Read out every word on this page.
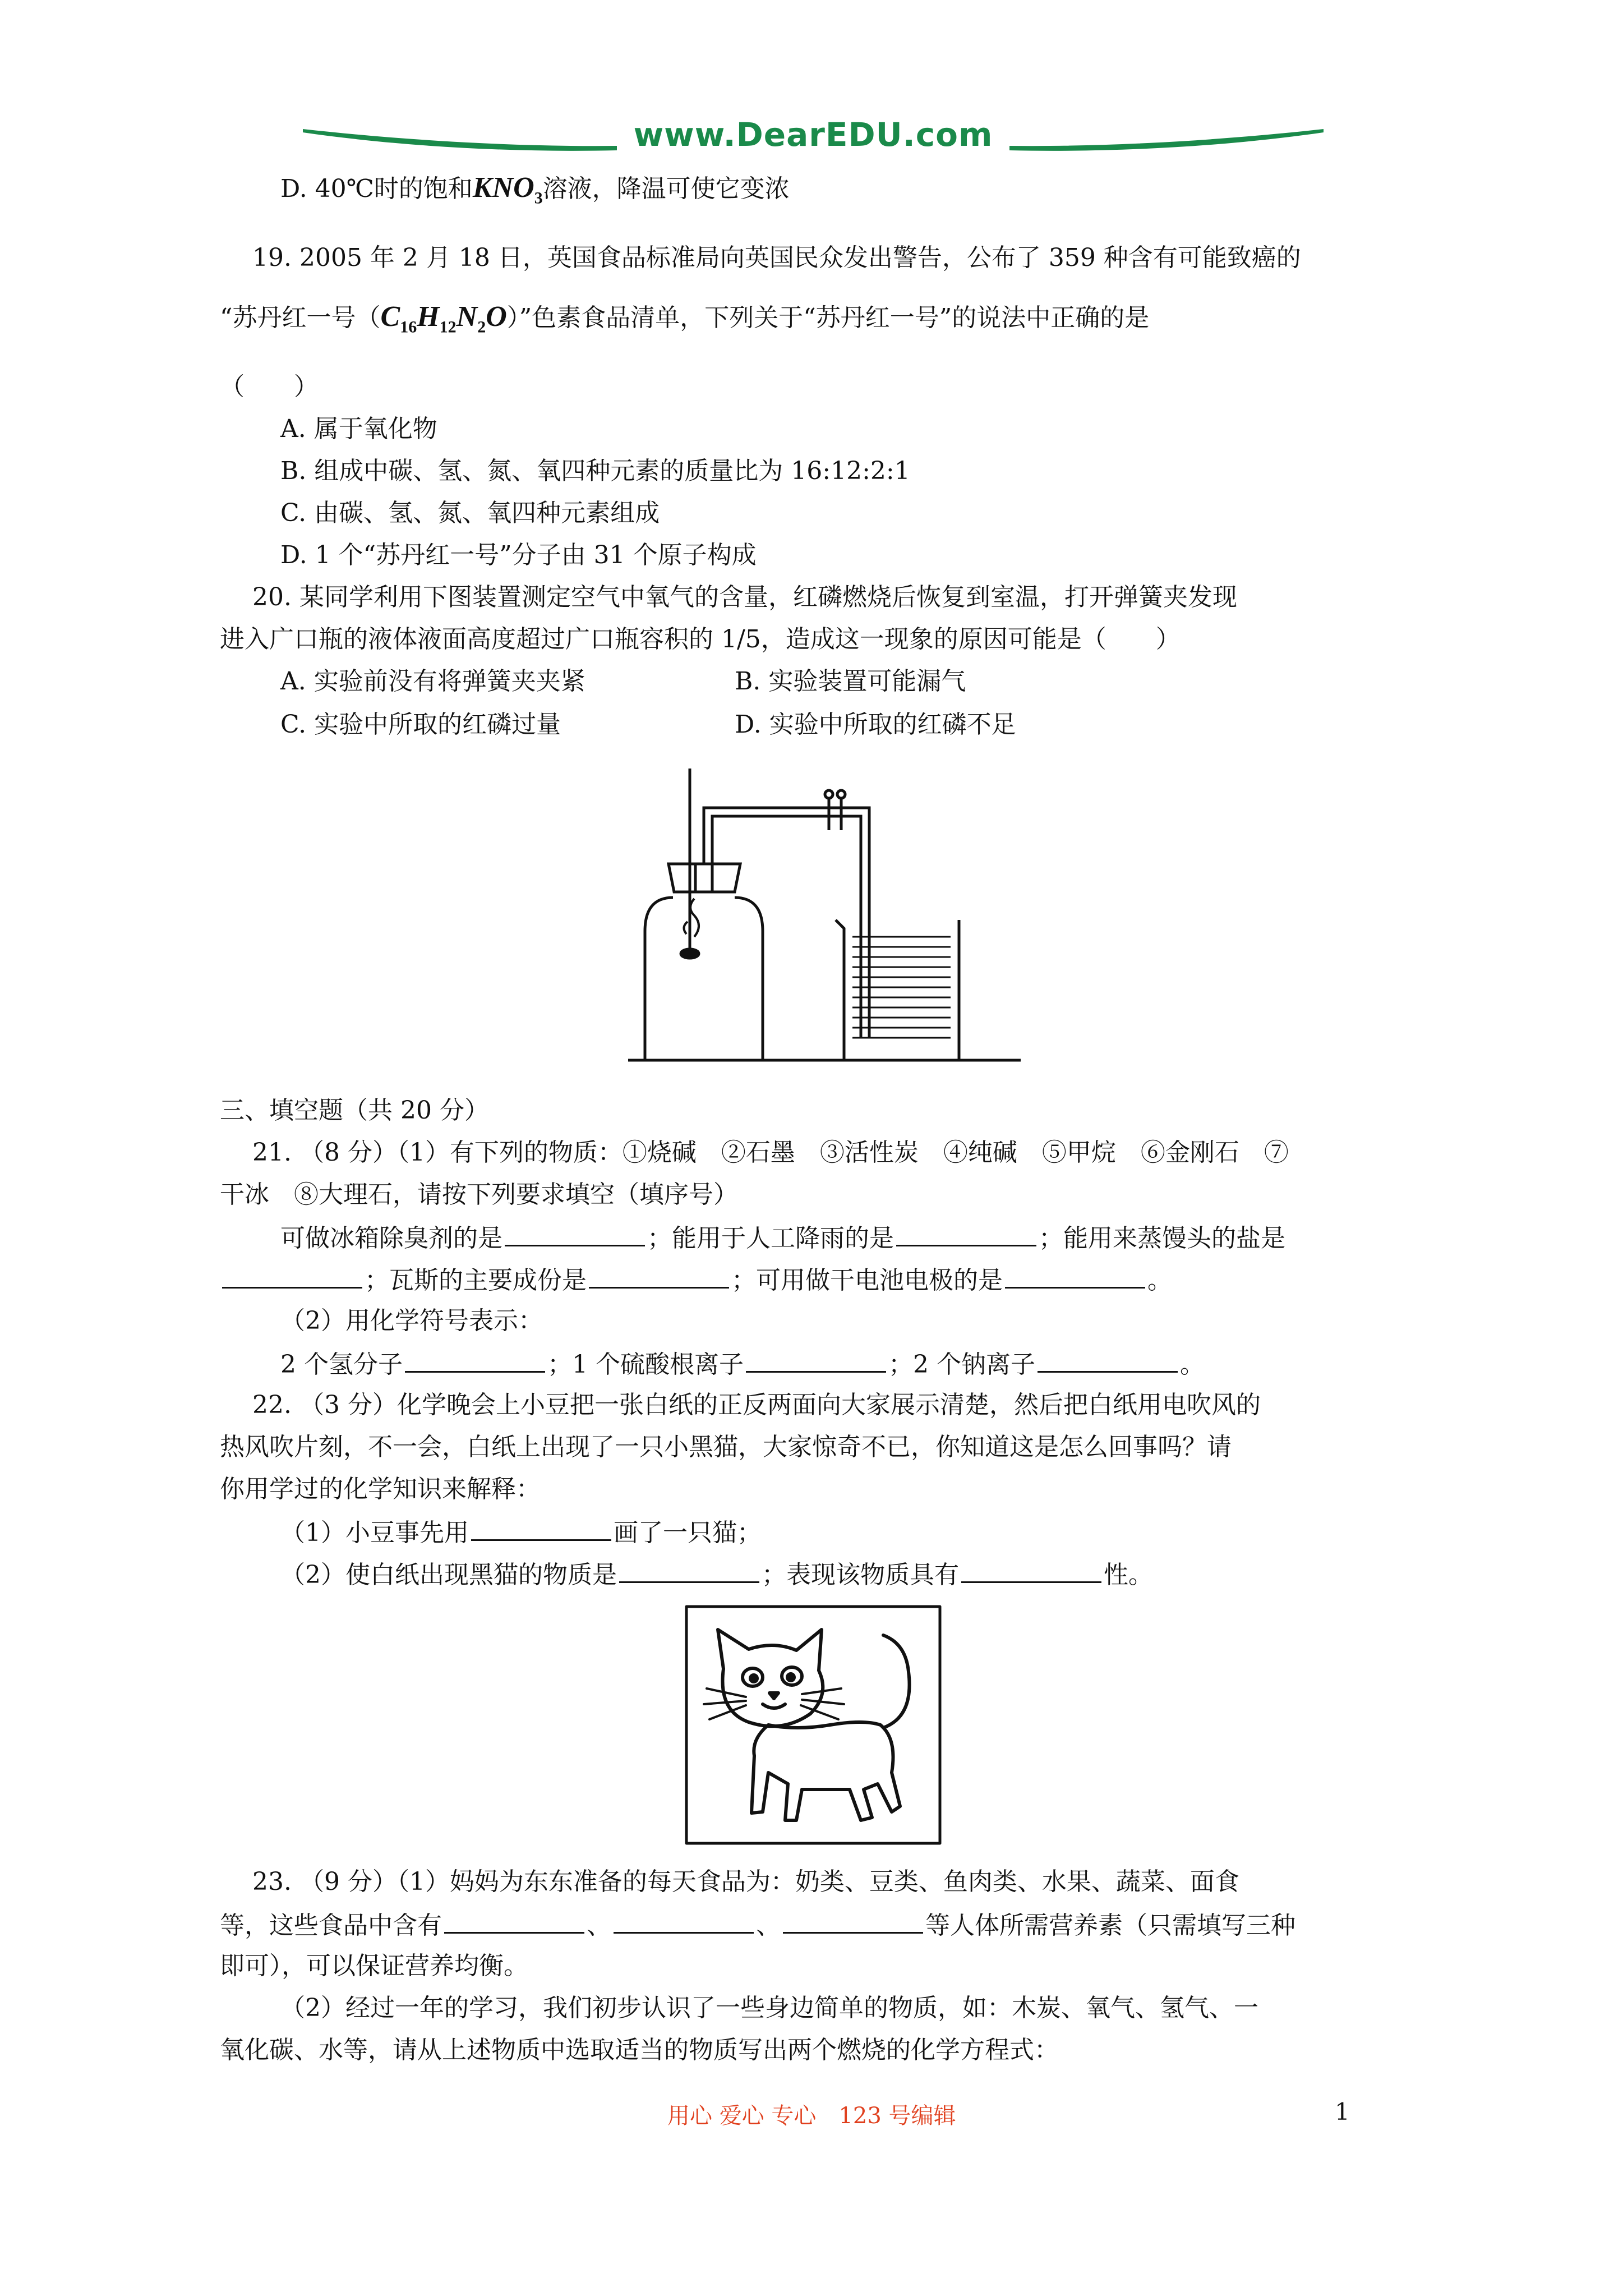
www.DearEDU.com
D. 40℃时的饱和$KNO_3$溶液，降温可使它变浓
19. 2005 年 2 月 18 日，英国食品标准局向英国民众发出警告，公布了 359 种含有可能致癌的
“苏丹红一号$(C_{16}H_{12}N_2O)$”色素食品清单，下列关于“苏丹红一号”的说法中正确的是
（　　）
A. 属于氧化物
B. 组成中碳、氢、氮、氧四种元素的质量比为 16:12:2:1
C. 由碳、氢、氮、氧四种元素组成
D. 1 个“苏丹红一号”分子由 31 个原子构成
20. 某同学利用下图装置测定空气中氧气的含量，红磷燃烧后恢复到室温，打开弹簧夹发现
进入广口瓶的液体液面高度超过广口瓶容积的 1/5，造成这一现象的原因可能是（　　）
A. 实验前没有将弹簧夹夹紧	B. 实验装置可能漏气
C. 实验中所取的红磷过量	D. 实验中所取的红磷不足
三、填空题（共 20 分）
21. （8 分）（1）有下列的物质：①烧碱　②石墨　③活性炭　④纯碱　⑤甲烷　⑥金刚石　⑦
干冰　⑧大理石，请按下列要求填空（填序号）
可做冰箱除臭剂的是	；能用于人工降雨的是	；能用来蒸馒头的盐是
；瓦斯的主要成份是	；可用做干电池电极的是	。
（2）用化学符号表示：
2 个氢分子	；1 个硫酸根离子	；2 个钠离子	。
22. （3 分）化学晚会上小豆把一张白纸的正反两面向大家展示清楚，然后把白纸用电吹风的
热风吹片刻，不一会，白纸上出现了一只小黑猫，大家惊奇不已，你知道这是怎么回事吗？请
你用学过的化学知识来解释：
（1）小豆事先用	画了一只猫；
（2）使白纸出现黑猫的物质是	；表现该物质具有	性。
23. （9 分）（1）妈妈为东东准备的每天食品为：奶类、豆类、鱼肉类、水果、蔬菜、面食
等，这些食品中含有	、	、	等人体所需营养素（只需填写三种
即可），可以保证营养均衡。
（2）经过一年的学习，我们初步认识了一些身边简单的物质，如：木炭、氧气、氢气、一
氧化碳、水等，请从上述物质中选取适当的物质写出两个燃烧的化学方程式：
用心 爱心 专心　123 号编辑	1
